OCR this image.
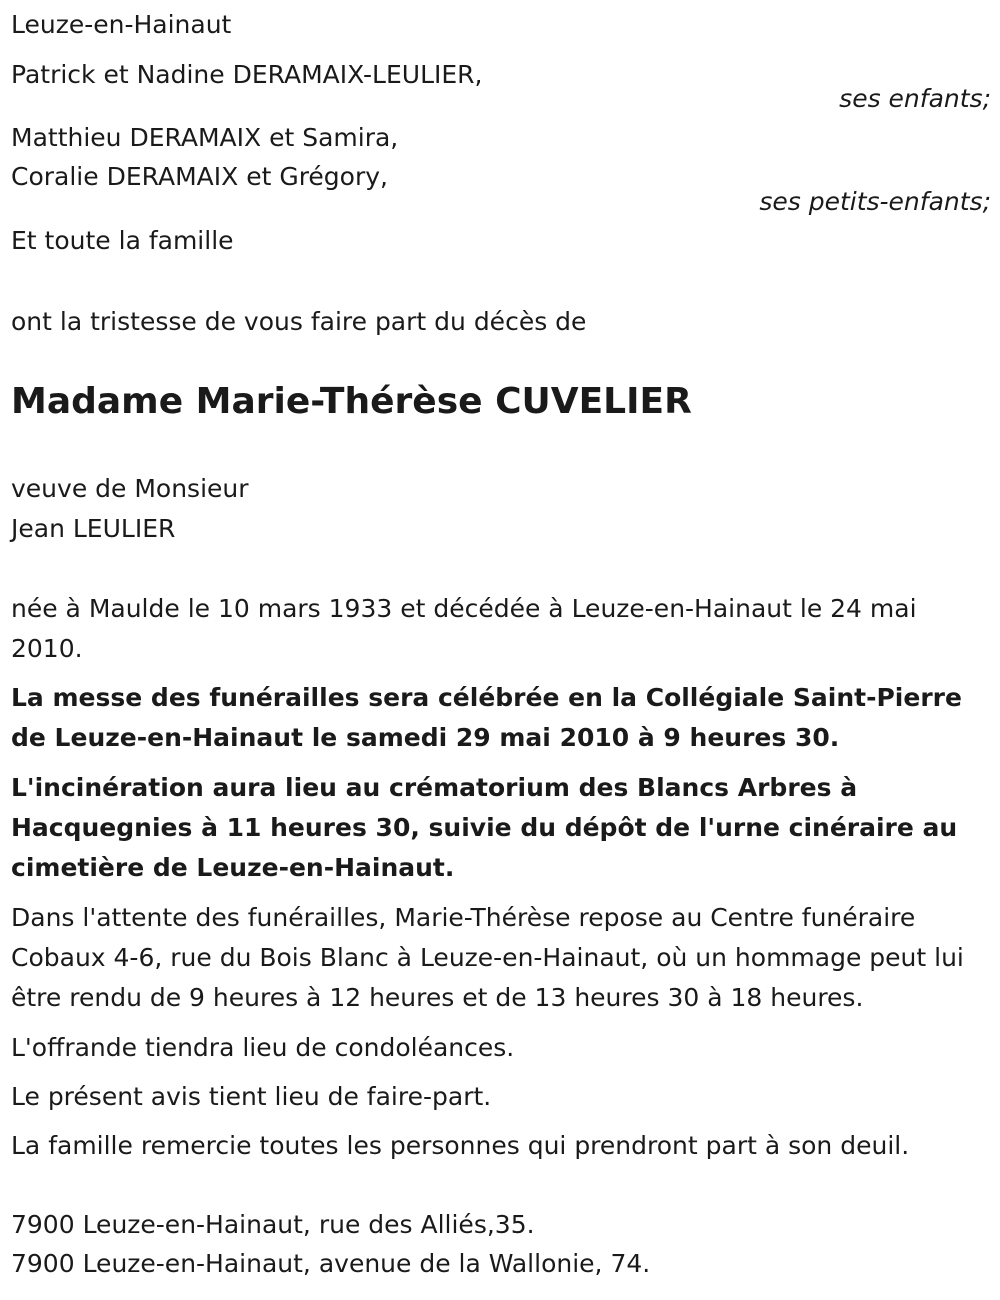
Leuze-en-Hainaut
Patrick et Nadine DERAMAIX-LEULIER,
ses enfants;
Matthieu DERAMAIX et Samira,
Coralie DERAMAIX et Grégory,
ses petits-enfants;
Et toute la famille
ont la tristesse de vous faire part du décès de
Madame Marie-Thérèse CUVELIER
veuve de Monsieur
Jean LEULIER
née à Maulde le 10 mars 1933 et décédée à Leuze-en-Hainaut le 24 mai 2010.
La messe des funérailles sera célébrée en la Collégiale Saint-Pierre de Leuze-en-Hainaut le samedi 29 mai 2010 à 9 heures 30.
L'incinération aura lieu au crématorium des Blancs Arbres à Hacquegnies à 11 heures 30, suivie du dépôt de l'urne cinéraire au cimetière de Leuze-en-Hainaut.
Dans l'attente des funérailles, Marie-Thérèse repose au Centre funéraire Cobaux 4-6, rue du Bois Blanc à Leuze-en-Hainaut, où un hommage peut lui être rendu de 9 heures à 12 heures et de 13 heures 30 à 18 heures.
L'offrande tiendra lieu de condoléances.
Le présent avis tient lieu de faire-part.
La famille remercie toutes les personnes qui prendront part à son deuil.
7900 Leuze-en-Hainaut, rue des Alliés,35.
7900 Leuze-en-Hainaut, avenue de la Wallonie, 74.
